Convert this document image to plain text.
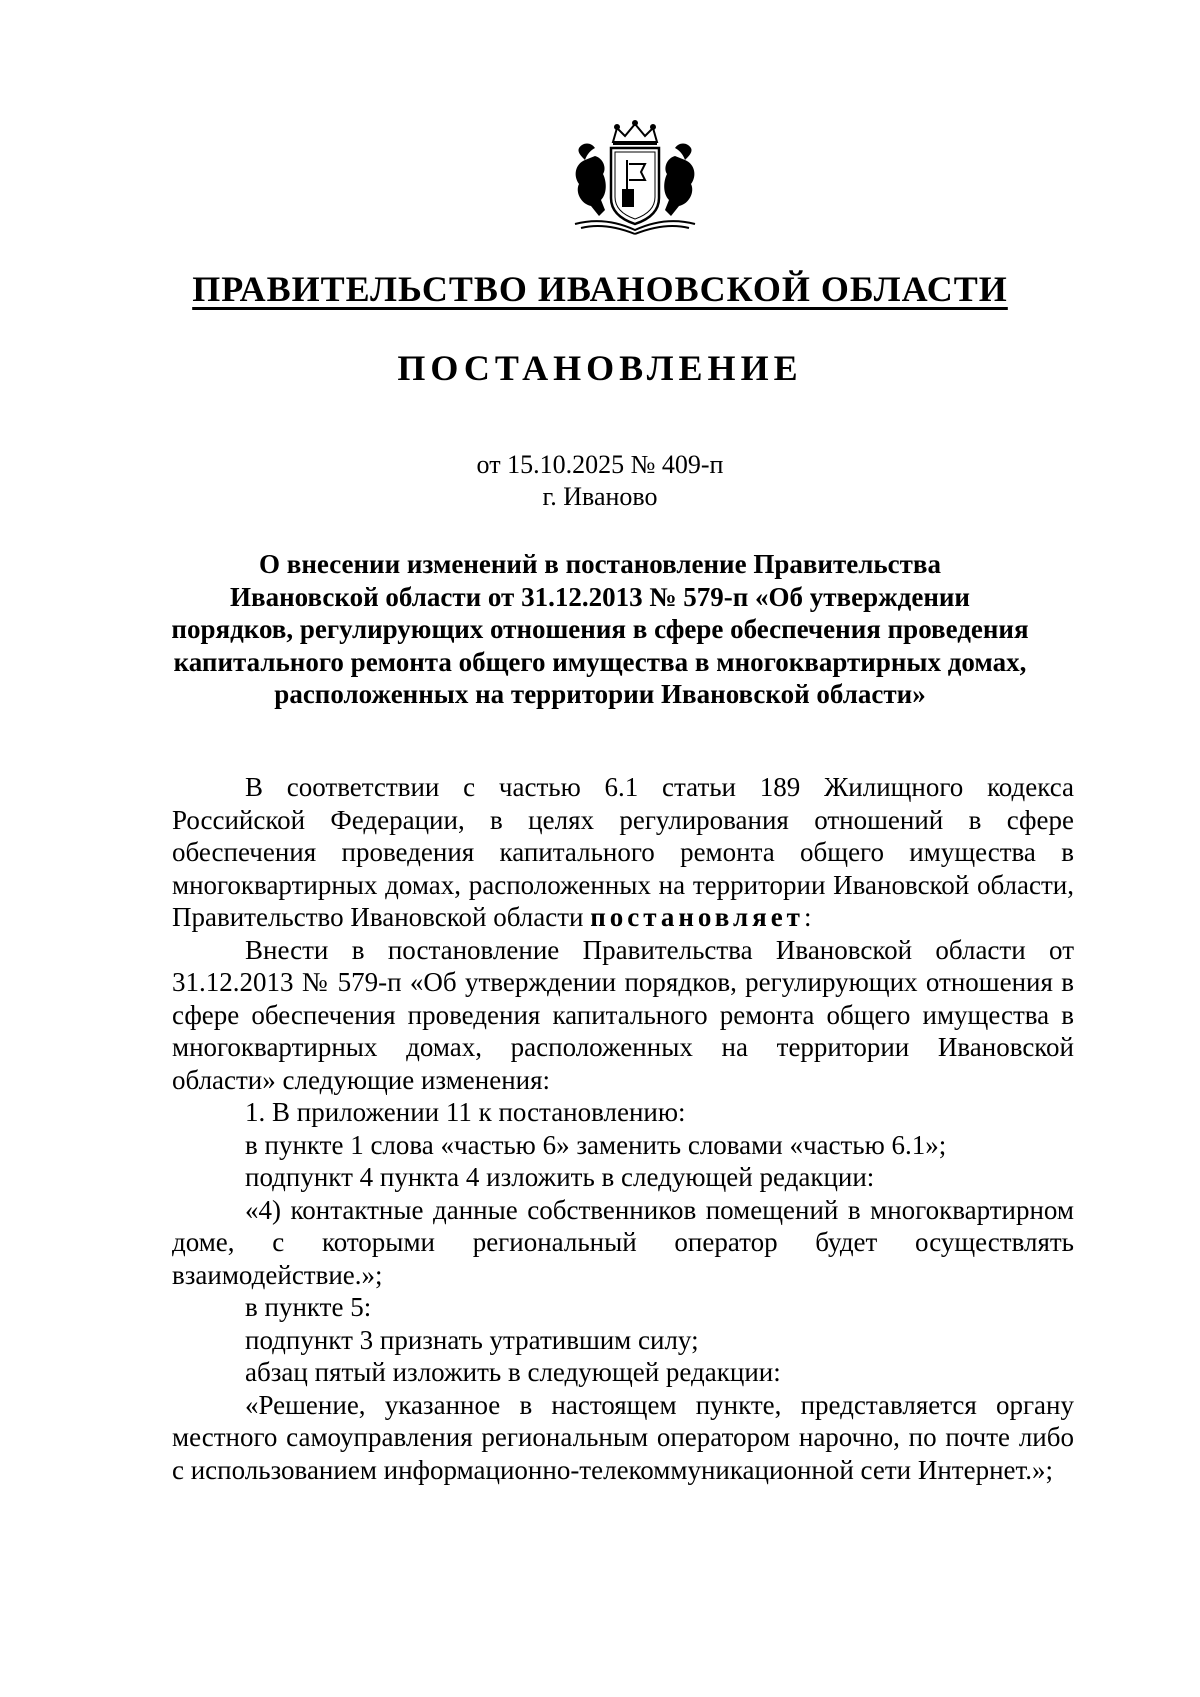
ПРАВИТЕЛЬСТВО ИВАНОВСКОЙ ОБЛАСТИ
ПОСТАНОВЛЕНИЕ
от 15.10.2025 № 409-п
г. Иваново
О внесении изменений в постановление Правительства
Ивановской области от 31.12.2013 № 579-п «Об утверждении
порядков, регулирующих отношения в сфере обеспечения проведения
капитального ремонта общего имущества в многоквартирных домах,
расположенных на территории Ивановской области»

В соответствии с частью 6.1 статьи 189 Жилищного кодекса Российской Федерации, в целях регулирования отношений в сфере обеспечения проведения капитального ремонта общего имущества в многоквартирных домах, расположенных на территории Ивановской области, Правительство Ивановской области постановляет:

Внести в постановление Правительства Ивановской области от 31.12.2013 № 579-п «Об утверждении порядков, регулирующих отношения в сфере обеспечения проведения капитального ремонта общего имущества в многоквартирных домах, расположенных на территории Ивановской области» следующие изменения:

1. В приложении 11 к постановлению:

в пункте 1 слова «частью 6» заменить словами «частью 6.1»;

подпункт 4 пункта 4 изложить в следующей редакции:

«4) контактные данные собственников помещений в многоквартирном доме, с которыми региональный оператор будет осуществлять взаимодействие.»;

в пункте 5:

подпункт 3 признать утратившим силу;

абзац пятый изложить в следующей редакции:

«Решение, указанное в настоящем пункте, представляется органу местного самоуправления региональным оператором нарочно, по почте либо с использованием информационно-телекоммуникационной сети Интернет.»;
